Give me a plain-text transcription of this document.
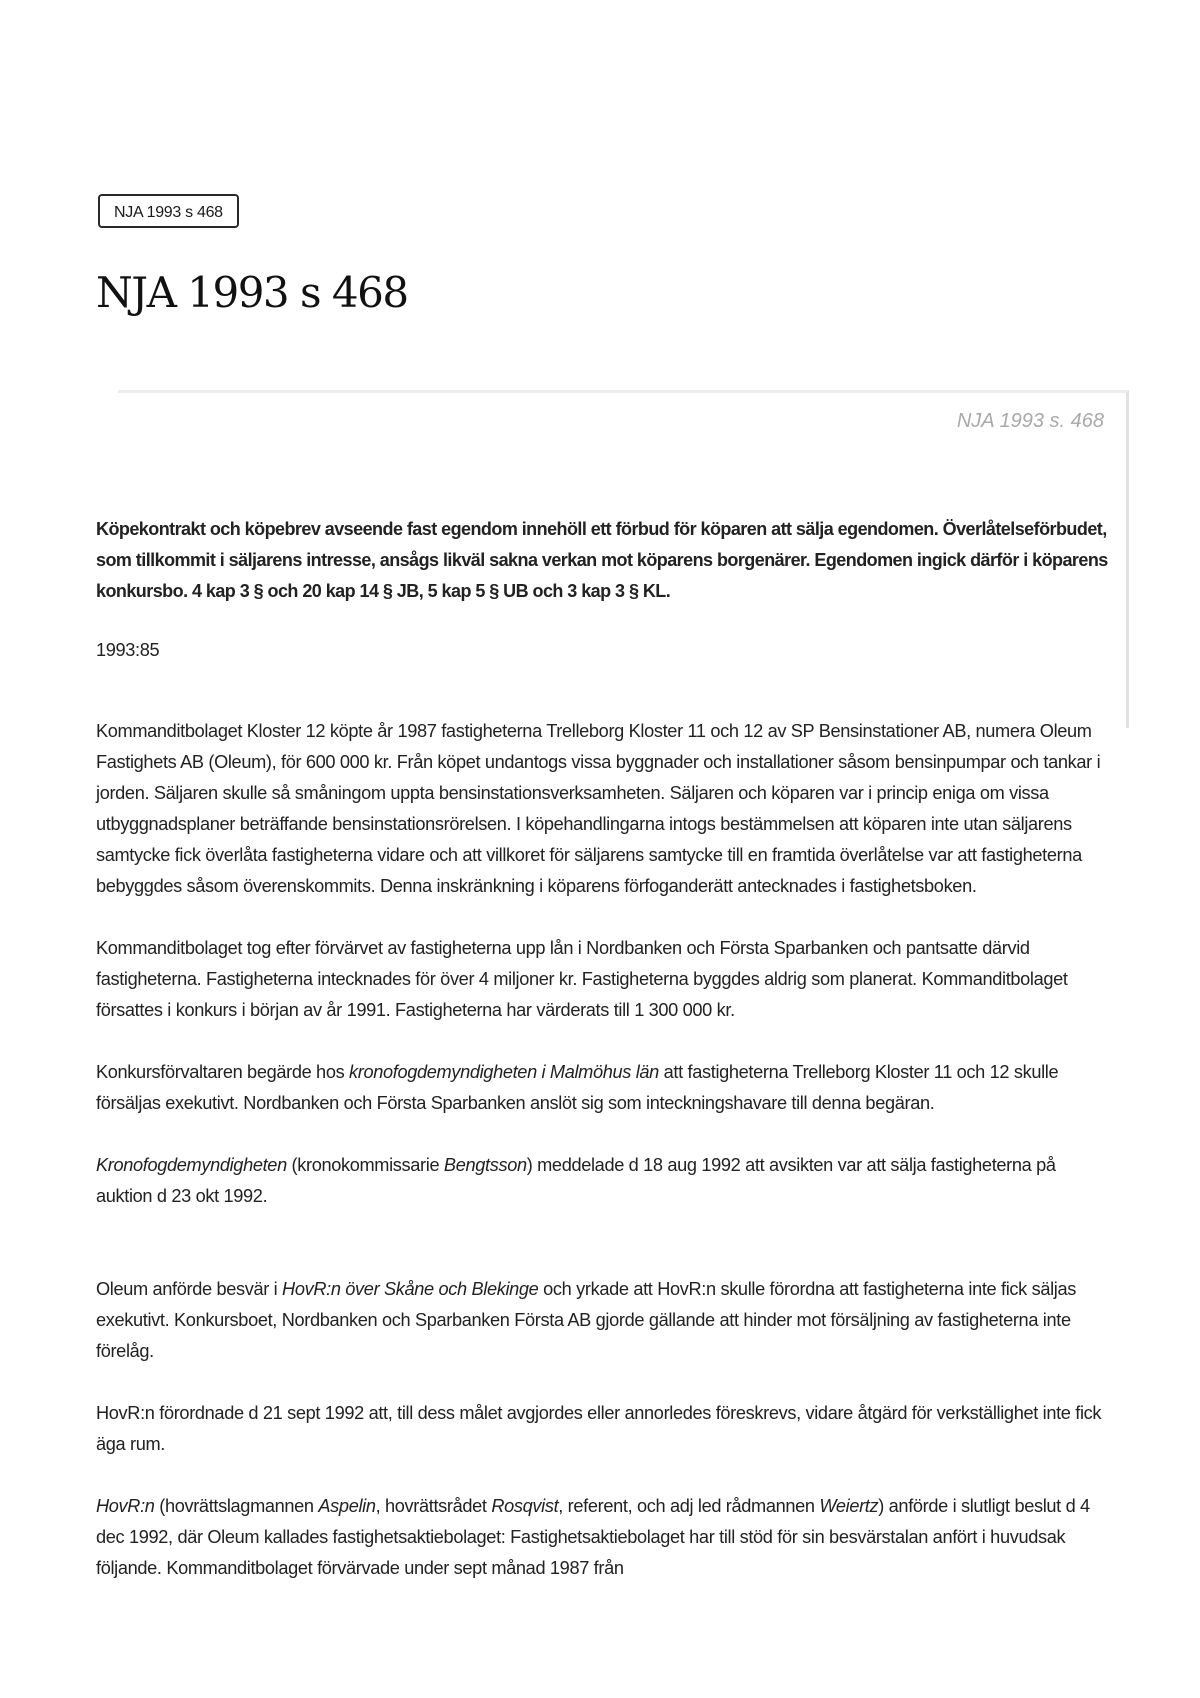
NJA 1993 s 468
NJA 1993 s 468
NJA 1993 s. 468

Köpekontrakt och köpebrev avseende fast egendom innehöll ett förbud för köparen att sälja egendomen. Överlåtelseförbudet, som tillkommit i säljarens intresse, ansågs likväl sakna verkan mot köparens borgenärer. Egendomen ingick därför i köparens konkursbo. 4 kap 3 § och 20 kap 14 § JB, 5 kap 5 § UB och 3 kap 3 § KL.

1993:85

Kommanditbolaget Kloster 12 köpte år 1987 fastigheterna Trelleborg Kloster 11 och 12 av SP Bensinstationer AB, numera Oleum Fastighets AB (Oleum), för 600 000 kr. Från köpet undantogs vissa byggnader och installationer såsom bensinpumpar och tankar i jorden. Säljaren skulle så småningom uppta bensinstationsverksamheten. Säljaren och köparen var i princip eniga om vissa utbyggnadsplaner beträffande bensinstationsrörelsen. I köpehandlingarna intogs bestämmelsen att köparen inte utan säljarens samtycke fick överlåta fastigheterna vidare och att villkoret för säljarens samtycke till en framtida överlåtelse var att fastigheterna bebyggdes såsom överenskommits. Denna inskränkning i köparens förfoganderätt antecknades i fastighetsboken.

Kommanditbolaget tog efter förvärvet av fastigheterna upp lån i Nordbanken och Första Sparbanken och pantsatte därvid fastigheterna. Fastigheterna intecknades för över 4 miljoner kr. Fastigheterna byggdes aldrig som planerat. Kommanditbolaget försattes i konkurs i början av år 1991. Fastigheterna har värderats till 1 300 000 kr.

Konkursförvaltaren begärde hos kronofogdemyndigheten i Malmöhus län att fastigheterna Trelleborg Kloster 11 och 12 skulle försäljas exekutivt. Nordbanken och Första Sparbanken anslöt sig som inteckningshavare till denna begäran.

Kronofogdemyndigheten (kronokommissarie Bengtsson) meddelade d 18 aug 1992 att avsikten var att sälja fastigheterna på auktion d 23 okt 1992.

Oleum anförde besvär i HovR:n över Skåne och Blekinge och yrkade att HovR:n skulle förordna att fastigheterna inte fick säljas exekutivt. Konkursboet, Nordbanken och Sparbanken Första AB gjorde gällande att hinder mot försäljning av fastigheterna inte förelåg.

HovR:n förordnade d 21 sept 1992 att, till dess målet avgjordes eller annorledes föreskrevs, vidare åtgärd för verkställighet inte fick äga rum.

HovR:n (hovrättslagmannen Aspelin, hovrättsrådet Rosqvist, referent, och adj led rådmannen Weiertz) anförde i slutligt beslut d 4 dec 1992, där Oleum kallades fastighetsaktiebolaget: Fastighetsaktiebolaget har till stöd för sin besvärstalan anfört i huvudsak följande. Kommanditbolaget förvärvade under sept månad 1987 från
